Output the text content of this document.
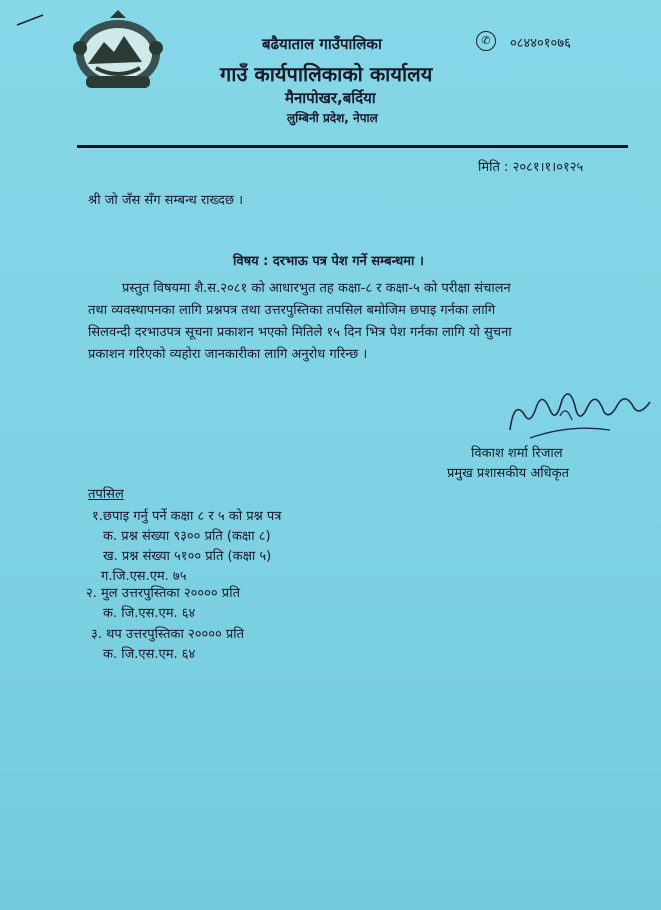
बढैयाताल गाउँपालिका
गाउँ कार्यपालिकाको कार्यालय
मैनापोखर,बर्दिया
लुम्बिनी प्रदेश, नेपाल
✆	०८४४०१०७६
मिति : २०८१।१।०१२५
श्री जो जँस सँग सम्बन्ध राख्दछ ।
विषय : दरभाऊ पत्र पेश गर्ने सम्बन्धमा ।
प्रस्तुत विषयमा शै.स.२०८१ को आधारभुत तह कक्षा-८ र कक्षा-५ को परीक्षा संचालन
तथा व्यवस्थापनका लागि प्रश्नपत्र तथा उत्तरपुस्तिका तपसिल बमोजिम छपाइ गर्नका लागि
सिलवन्दी दरभाउपत्र सूचना प्रकाशन भएको मितिले १५ दिन भित्र पेश गर्नका लागि यो सुचना
प्रकाशन गरिएको व्यहोरा जानकारीका लागि अनुरोध गरिन्छ ।
विकाश शर्मा रिजाल
प्रमुख प्रशासकीय अधिकृत
तपसिल
१.छपाइ गर्नु पर्ने कक्षा ८ र ५ को प्रश्न पत्र
क. प्रश्न संख्या ९३०० प्रति (कक्षा ८)
ख. प्रश्न संख्या ५१०० प्रति (कक्षा ५)
ग.जि.एस.एम. ७५
२. मुल उत्तरपुस्तिका २०००० प्रति
क. जि.एस.एम. ६४
३. थप उत्तरपुस्तिका २०००० प्रति
क. जि.एस.एम. ६४
